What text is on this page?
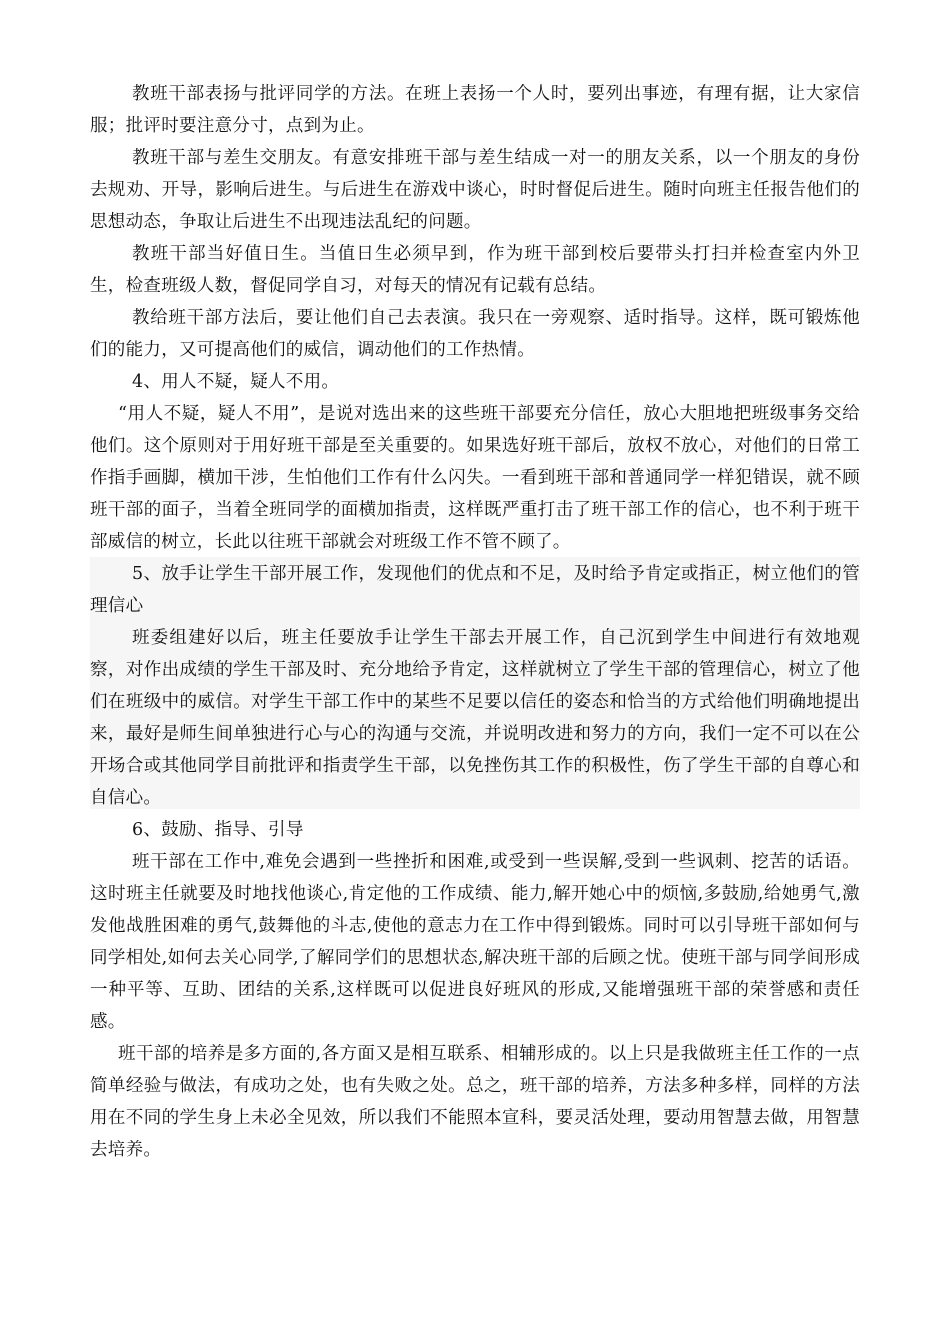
教班干部表扬与批评同学的方法。在班上表扬一个人时，要列出事迹，有理有据，让大家信服；批评时要注意分寸，点到为止。

教班干部与差生交朋友。有意安排班干部与差生结成一对一的朋友关系，以一个朋友的身份去规劝、开导，影响后进生。与后进生在游戏中谈心，时时督促后进生。随时向班主任报告他们的思想动态，争取让后进生不出现违法乱纪的问题。

教班干部当好值日生。当值日生必须早到，作为班干部到校后要带头打扫并检查室内外卫生，检查班级人数，督促同学自习，对每天的情况有记载有总结。

教给班干部方法后，要让他们自己去表演。我只在一旁观察、适时指导。这样，既可锻炼他们的能力，又可提高他们的威信，调动他们的工作热情。

4、用人不疑，疑人不用。

“用人不疑，疑人不用”，是说对选出来的这些班干部要充分信任，放心大胆地把班级事务交给他们。这个原则对于用好班干部是至关重要的。如果选好班干部后，放权不放心，对他们的日常工作指手画脚，横加干涉，生怕他们工作有什么闪失。一看到班干部和普通同学一样犯错误，就不顾班干部的面子，当着全班同学的面横加指责，这样既严重打击了班干部工作的信心，也不利于班干部威信的树立，长此以往班干部就会对班级工作不管不顾了。

5、放手让学生干部开展工作，发现他们的优点和不足，及时给予肯定或指正，树立他们的管理信心

班委组建好以后，班主任要放手让学生干部去开展工作，自己沉到学生中间进行有效地观察，对作出成绩的学生干部及时、充分地给予肯定，这样就树立了学生干部的管理信心，树立了他们在班级中的威信。对学生干部工作中的某些不足要以信任的姿态和恰当的方式给他们明确地提出来，最好是师生间单独进行心与心的沟通与交流，并说明改进和努力的方向，我们一定不可以在公开场合或其他同学目前批评和指责学生干部，以免挫伤其工作的积极性，伤了学生干部的自尊心和自信心。

6、鼓励、指导、引导

班干部在工作中,难免会遇到一些挫折和困难,或受到一些误解,受到一些讽刺、挖苦的话语。这时班主任就要及时地找他谈心,肯定他的工作成绩、能力,解开她心中的烦恼,多鼓励,给她勇气,激发他战胜困难的勇气,鼓舞他的斗志,使他的意志力在工作中得到锻炼。同时可以引导班干部如何与同学相处,如何去关心同学,了解同学们的思想状态,解决班干部的后顾之忧。使班干部与同学间形成一种平等、互助、团结的关系,这样既可以促进良好班风的形成,又能增强班干部的荣誉感和责任感。

班干部的培养是多方面的,各方面又是相互联系、相辅形成的。以上只是我做班主任工作的一点简单经验与做法，有成功之处，也有失败之处。总之，班干部的培养，方法多种多样，同样的方法用在不同的学生身上未必全见效，所以我们不能照本宣科，要灵活处理，要动用智慧去做，用智慧去培养。
